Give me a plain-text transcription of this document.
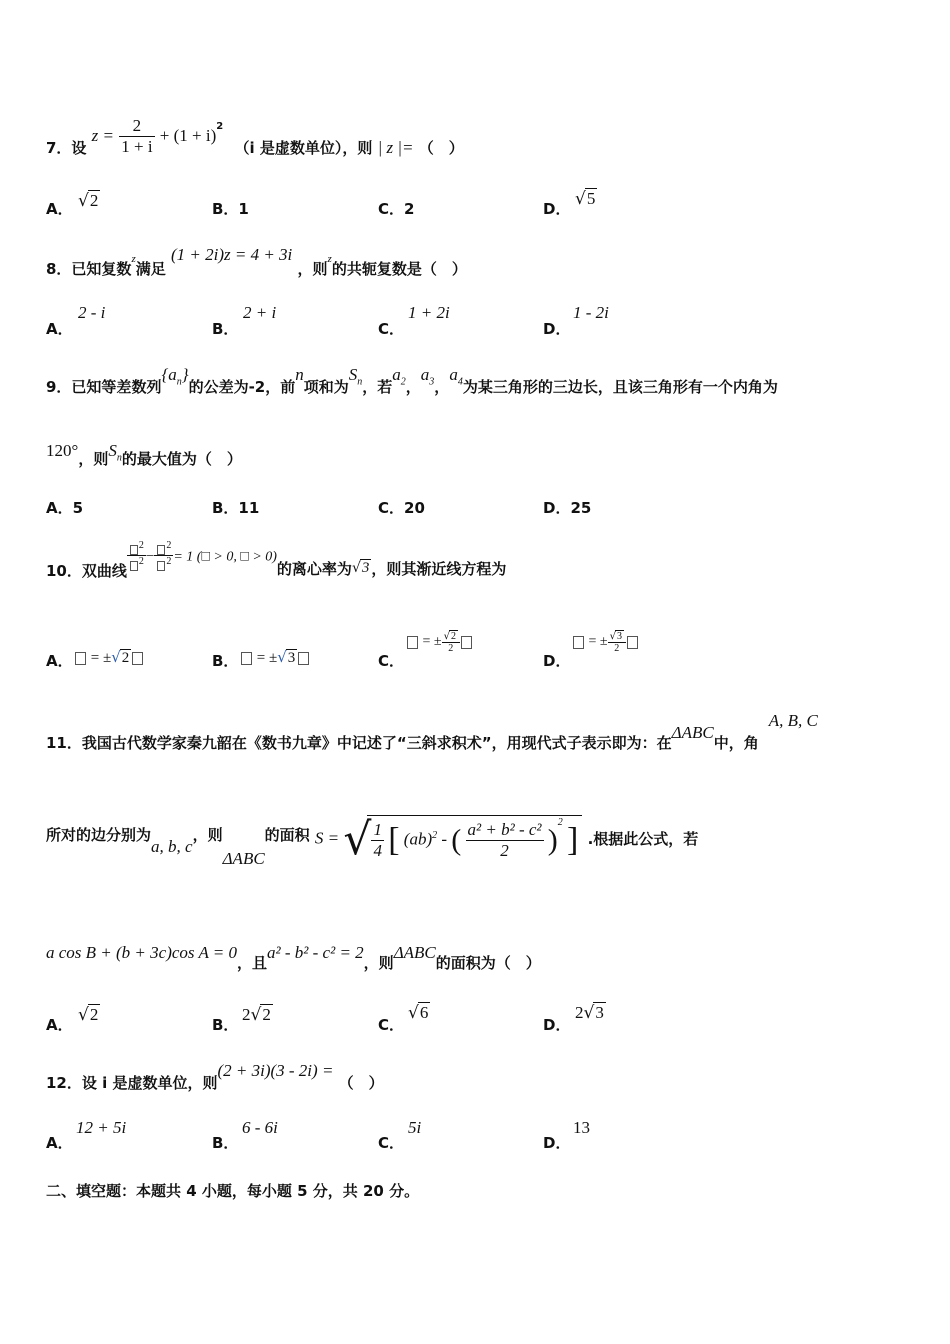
7．设 $z = \frac{2}{1 + i} + (1 + i)^2$ （i 是虚数单位），则 | z |= （　）
A． √2	B．1	C．2	D． √5
8．已知复数z满足 (1 + 2i)z = 4 + 3i ，则z的共轭复数是（　）
A．
2 - i
B．
2 + i
C．
1 + 2i
D．
1 - 2i
9．已知等差数列$\{a_n\}$的公差为-2，前n项和为$S_n$，若$a_2$，$a_3$，$a_4$为某三角形的三边长，且该三角形有一个内角为
120°，则$S_n$的最大值为（　）
A．5	B．11	C．20	D．25
10．双曲线 $\frac{^2}{^2} - \frac{^2}{^2} = 1$ (□ > 0, □ > 0)的离心率为√3 ，则其渐近线方程为
A．	= ±√2	B．	= ±√3	C．
= ± $\frac{√2}{2}$
D．
= ± $\frac{√3}{2}$
11．我国古代数学家秦九韶在《数书九章》中记述了“三斜求积术”，用现代式子表示即为：在ΔABC中，角A, B, C
所对的边分别为a, b, c，则ΔABC的面积 S = √ $\frac{1}{4}$ [ (ab)$^2$ - ( $\frac{\text{a² + b² - c²}}{2} )^2$ ] .根据此公式，若
a cos B + (b + 3c)cos A = 0，且a² - b² - c² = 2，则ΔABC的面积为（　）
A． √2
B．
2√2
C．
√6
D．
2√3
12．设 i 是虚数单位，则(2 + 3i)(3 - 2i) = （　）
A．
12 + 5i
B．
6 - 6i
C．
5i
D．
13
二、填空题：本题共 4 小题，每小题 5 分，共 20 分。
